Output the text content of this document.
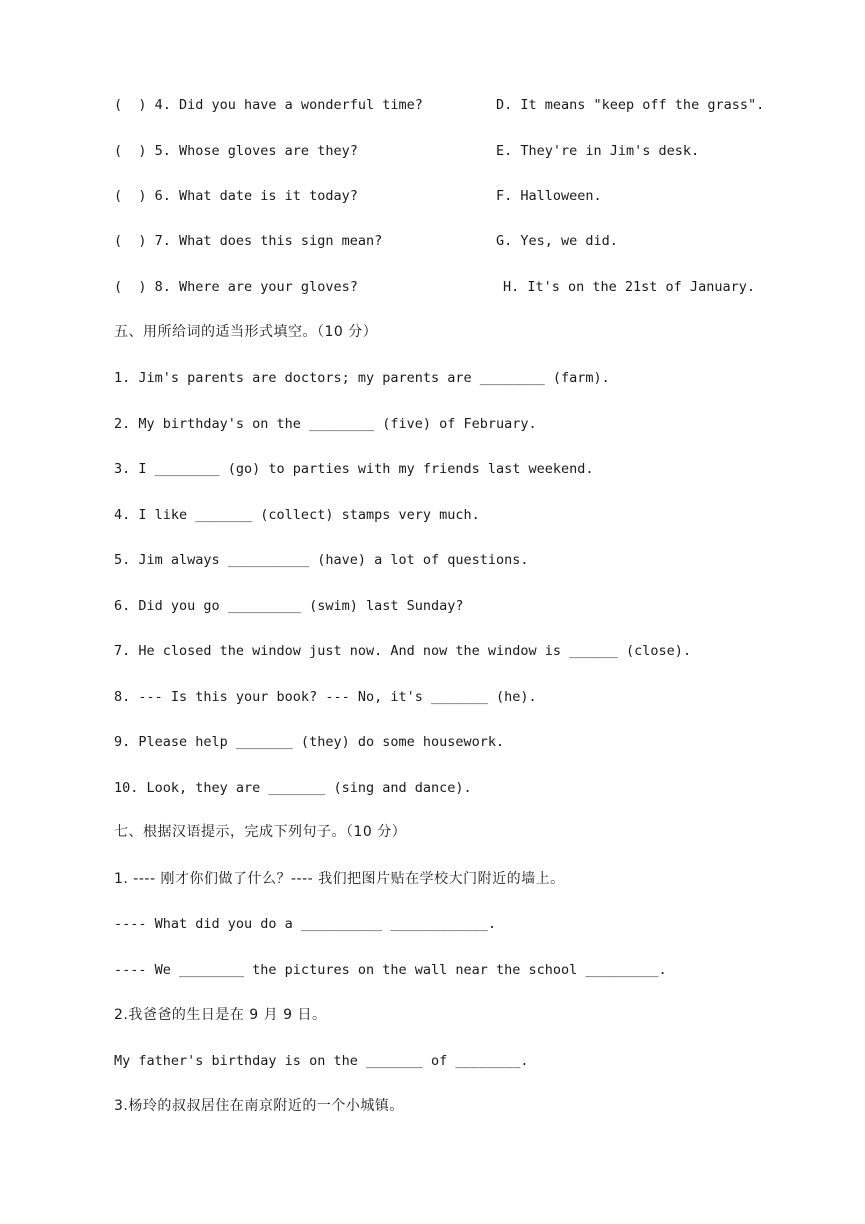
(  ) 4. Did you have a wonderful time?	D. It means "keep off the grass".
(  ) 5. Whose gloves are they?	E. They're in Jim's desk.
(  ) 6. What date is it today?	F. Halloween.
(  ) 7. What does this sign mean?	G. Yes, we did.
(  ) 8. Where are your gloves?	H. It's on the 21st of January.
五、用所给词的适当形式填空。（10 分）
1. Jim's parents are doctors; my parents are ________ (farm).
2. My birthday's on the ________ (five) of February.
3. I ________ (go) to parties with my friends last weekend.
4. I like _______ (collect) stamps very much.
5. Jim always __________ (have) a lot of questions.
6. Did you go _________ (swim) last Sunday?
7. He closed the window just now. And now the window is ______ (close).
8. --- Is this your book? --- No, it's _______ (he).
9. Please help _______ (they) do some housework.
10. Look, they are _______ (sing and dance).
七、根据汉语提示，完成下列句子。（10 分）
1. ---- 刚才你们做了什么？---- 我们把图片贴在学校大门附近的墙上。
---- What did you do a __________ ____________.
---- We ________ the pictures on the wall near the school _________.
2.我爸爸的生日是在 9 月 9 日。
My father's birthday is on the _______ of ________.
3.杨玲的叔叔居住在南京附近的一个小城镇。
